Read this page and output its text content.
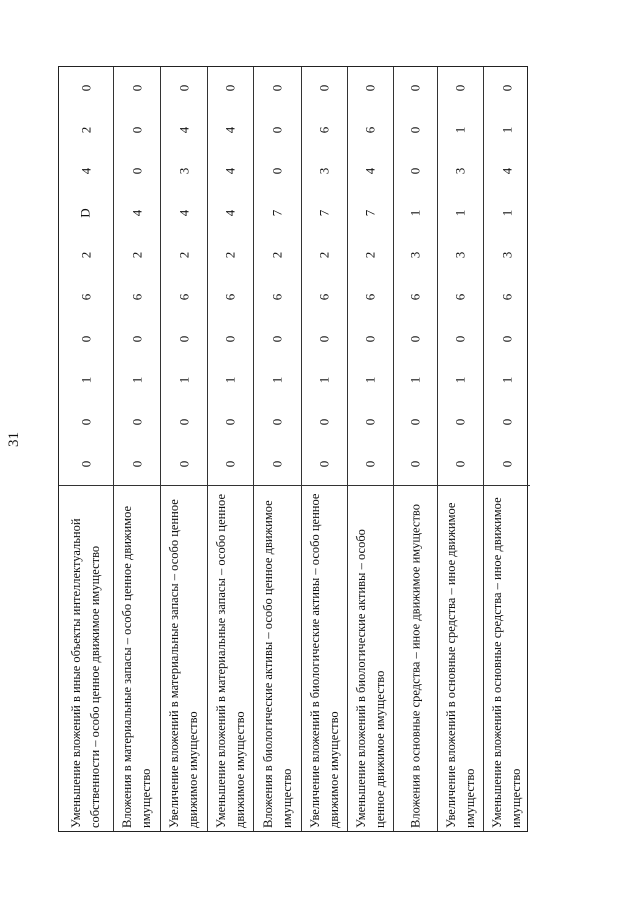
31
0
0
1
0
6
2
D
4
2
0
Уменьшение вложений в иные объекты интеллектуальной собственности – особо ценное движимое имущество
0
0
1
0
6
2
4
0
0
0
Вложения в материальные запасы – особо ценное движимое имущество
0
0
1
0
6
2
4
3
4
0
Увеличение вложений в материальные запасы – особо ценное движимое имущество
0
0
1
0
6
2
4
4
4
0
Уменьшение вложений в материальные запасы – особо ценное движимое имущество
0
0
1
0
6
2
7
0
0
0
Вложения в биологические активы – особо ценное движимое имущество
0
0
1
0
6
2
7
3
6
0
Увеличение вложений в биологические активы – особо ценное движимое имущество
0
0
1
0
6
2
7
4
6
0
Уменьшение вложений в биологические активы – особо ценное движимое имущество
0
0
1
0
6
3
1
0
0
0
Вложения в основные средства – иное движимое имущество
0
0
1
0
6
3
1
3
1
0
Увеличение вложений в основные средства – иное движимое имущество
0
0
1
0
6
3
1
4
1
0
Уменьшение вложений в основные средства – иное движимое имущество
